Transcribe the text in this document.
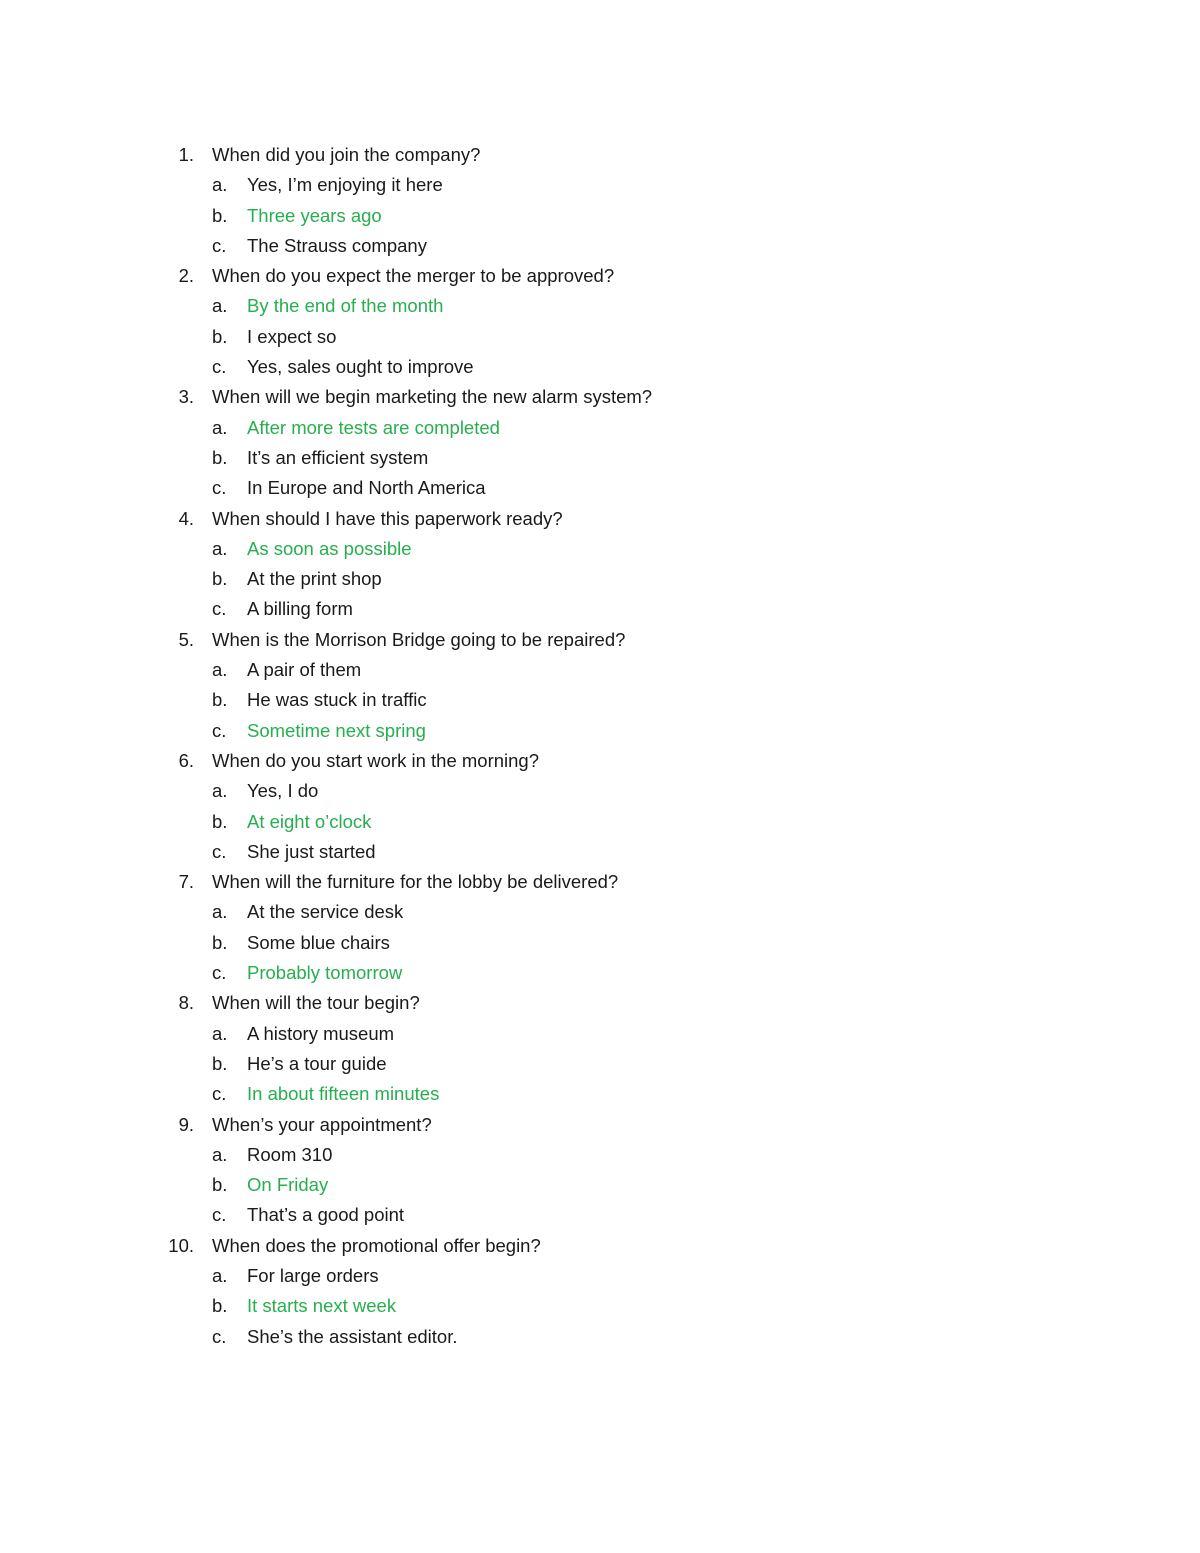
1. When did you join the company?
a. Yes, I’m enjoying it here
b. Three years ago
c. The Strauss company
2. When do you expect the merger to be approved?
a. By the end of the month
b. I expect so
c. Yes, sales ought to improve
3. When will we begin marketing the new alarm system?
a. After more tests are completed
b. It’s an efficient system
c. In Europe and North America
4. When should I have this paperwork ready?
a. As soon as possible
b. At the print shop
c. A billing form
5. When is the Morrison Bridge going to be repaired?
a. A pair of them
b. He was stuck in traffic
c. Sometime next spring
6. When do you start work in the morning?
a. Yes, I do
b. At eight o’clock
c. She just started
7. When will the furniture for the lobby be delivered?
a. At the service desk
b. Some blue chairs
c. Probably tomorrow
8. When will the tour begin?
a. A history museum
b. He’s a tour guide
c. In about fifteen minutes
9. When’s your appointment?
a. Room 310
b. On Friday
c. That’s a good point
10. When does the promotional offer begin?
a. For large orders
b. It starts next week
c. She’s the assistant editor.
